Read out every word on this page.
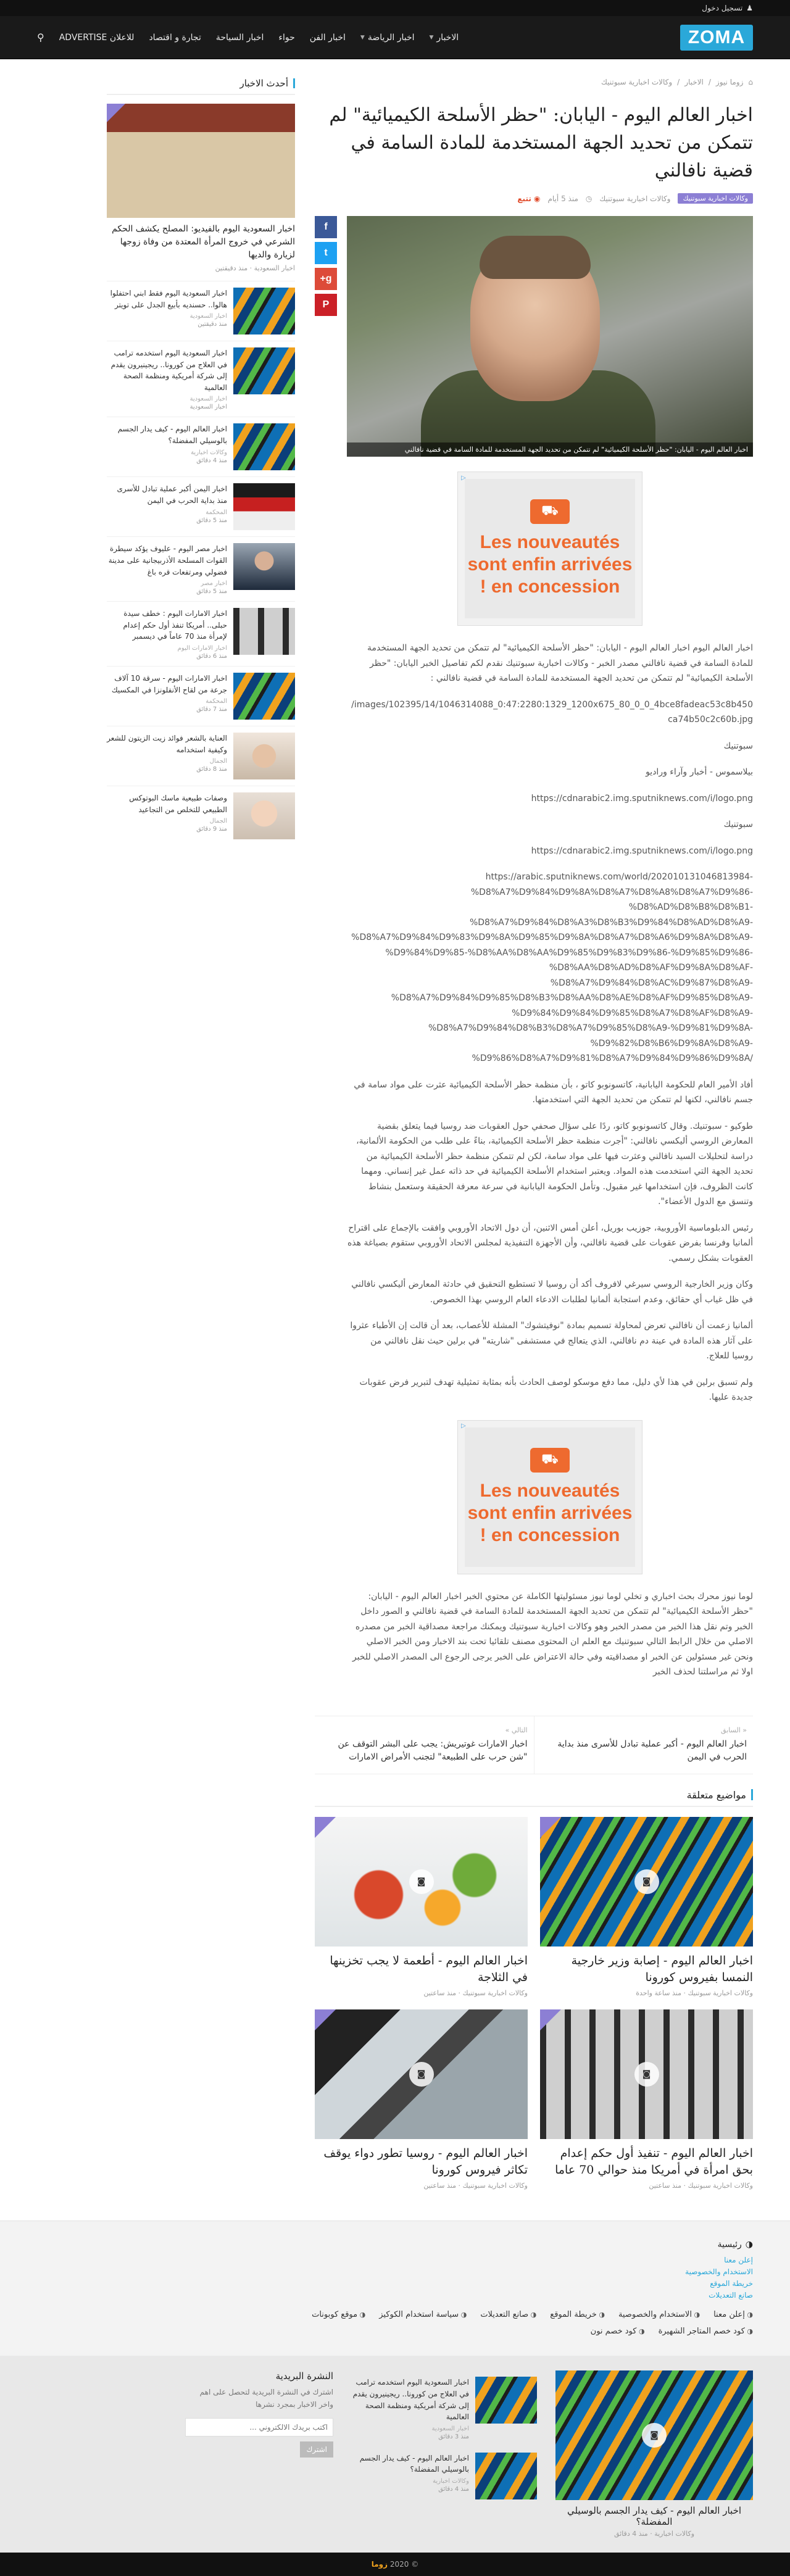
♟
تسجيل دخول
ZOMA
الاخبار
▼
اخبار الرياضة
▼
اخبار الفن
حواء
اخبار السياحة
تجارة و اقتصاد
للاعلان ADVERTISE
⚲
⌂
زوما نيوز
/
الاخبار
/
وكالات اخبارية سبوتنيك
اخبار العالم اليوم - اليابان: "حظر الأسلحة الكيميائية" لم تتمكن من تحديد الجهة المستخدمة للمادة السامة في قضية نافالني
وكالات اخبارية سبوتنيك
وكالات اخبارية سبوتنيك
◷
منذ 5 أيام
◉ تتبع
اخبار العالم اليوم - اليابان: "حظر الأسلحة الكيميائية" لم تتمكن من تحديد الجهة المستخدمة للمادة السامة في قضية نافالني
▷
⛟
Les nouveautés sont enfin arrivées en concession !

اخبار العالم اليوم اخبار العالم اليوم - اليابان: "حظر الأسلحة الكيميائية" لم تتمكن من تحديد الجهة المستخدمة للمادة السامة في قضية نافالني مصدر الخبر - وكالات اخبارية سبوتنيك نقدم لكم تفاصيل الخبر اليابان: "حظر الأسلحة الكيميائية" لم تتمكن من تحديد الجهة المستخدمة للمادة السامة في قضية نافالني :

/images/102395/14/1046314088_0:47:2280:1329_1200x675_80_0_0_4bce8fadeac53c8b450ca74b50c2c60b.jpg

سبوتنيك

بيلاسموس - أخبار وآراء وراديو

https://cdnarabic2.img.sputniknews.com/i/logo.png

سبوتنيك

https://cdnarabic2.img.sputniknews.com/i/logo.png

https://arabic.sputniknews.com/world/202010131046813984-%D8%A7%D9%84%D9%8A%D8%A7%D8%A8%D8%A7%D9%86-%D8%AD%D8%B8%D8%B1-%D8%A7%D9%84%D8%A3%D8%B3%D9%84%D8%AD%D8%A9-%D8%A7%D9%84%D9%83%D9%8A%D9%85%D9%8A%D8%A7%D8%A6%D9%8A%D8%A9-%D9%84%D9%85-%D8%AA%D8%AA%D9%85%D9%83%D9%86-%D9%85%D9%86-%D8%AA%D8%AD%D8%AF%D9%8A%D8%AF-%D8%A7%D9%84%D8%AC%D9%87%D8%A9-%D8%A7%D9%84%D9%85%D8%B3%D8%AA%D8%AE%D8%AF%D9%85%D8%A9-%D9%84%D9%84%D9%85%D8%A7%D8%AF%D8%A9-%D8%A7%D9%84%D8%B3%D8%A7%D9%85%D8%A9-%D9%81%D9%8A-%D9%82%D8%B6%D9%8A%D8%A9-%D9%86%D8%A7%D9%81%D8%A7%D9%84%D9%86%D9%8A/

أفاد الأمير العام للحكومة اليابانية، كاتسونوبو كاتو ، بأن منظمة حظر الأسلحة الكيميائية عثرت على مواد سامة في جسم نافالني، لكنها لم تتمكن من تحديد الجهة التي استخدمتها.

طوكيو - سبوتنيك. وقال كاتسونوبو كاتو، ردًا على سؤال صحفي حول العقوبات ضد روسيا فيما يتعلق بقضية المعارض الروسي أليكسي نافالني: "أجرت منظمة حظر الأسلحة الكيميائية، بناءً على طلب من الحكومة الألمانية، دراسة لتحليلات السيد نافالني وعثرت فيها على مواد سامة، لكن لم تتمكن منظمة حظر الأسلحة الكيميائية من تحديد الجهة التي استخدمت هذه المواد. ويعتبر استخدام الأسلحة الكيميائية في حد ذاته عمل غير إنساني. ومهما كانت الظروف، فإن استخدامها غير مقبول. وتأمل الحكومة اليابانية في سرعة معرفة الحقيقة وستعمل بنشاط وتنسق مع الدول الأعضاء".

رئيس الدبلوماسية الأوروبية، جوزيب بوريل، أعلن أمس الاثنين، أن دول الاتحاد الأوروبي وافقت بالإجماع على اقتراح ألمانيا وفرنسا بفرض عقوبات على قضية نافالني، وأن الأجهزة التنفيذية لمجلس الاتحاد الأوروبي ستقوم بصياغة هذه العقوبات بشكل رسمي.

وكان وزير الخارجية الروسي سيرغي لافروف أكد أن روسيا لا تستطيع التحقيق في حادثة المعارض أليكسي نافالني في ظل غياب أي حقائق، وعدم استجابة ألمانيا لطلبات الادعاء العام الروسي بهذا الخصوص.

ألمانيا زعمت أن نافالني تعرض لمحاولة تسميم بمادة "نوفيتشوك" المشلة للأعصاب، بعد أن قالت إن الأطباء عثروا على آثار هذه المادة في عينة دم نافالني، الذي يتعالج في مستشفى "شاريته" في برلين حيث نقل نافالني من روسيا للعلاج.

ولم تسبق برلين في هذا لأي دليل، مما دفع موسكو لوصف الحادث بأنه بمثابة تمثيلية تهدف لتبرير فرض عقوبات جديدة عليها.

▷
⛟
Les nouveautés sont enfin arrivées en concession !

لوما نيوز محرك بحث اخباري و تخلي لوما نيوز مسئوليتها الكاملة عن محتوي الخبر اخبار العالم اليوم - اليابان: "حظر الأسلحة الكيميائية" لم تتمكن من تحديد الجهة المستخدمة للمادة السامة في قضية نافالني و الصور داخل الخبر وتم نقل هذا الخبر من مصدر الخبر وهو وكالات اخبارية سبوتنيك ويمكنك مراجعة مصداقية الخبر من مصدره الاصلي من خلال الرابط التالي سبوتنيك مع العلم ان المحتوى مصنف تلقائيا تحت بند الاخبار ومن الخبر الاصلي ونحن غير مسئولين عن الخبر او مصداقيته وفي حالة الاعتراض على الخبر يرجى الرجوع الى المصدر الاصلي للخبر اولا ثم مراسلتنا لحذف الخبر

f
t
g+
P
« السابق
اخبار العالم اليوم - أكبر عملية تبادل للأسرى منذ بداية الحرب في اليمن
التالي »
اخبار الامارات غوتيريش: يجب على البشر التوقف عن "شن حرب على الطبيعة" لتجنب الأمراض الامارات
مواضيع متعلقة
◙
اخبار العالم اليوم - إصابة وزير خارجية النمسا بفيروس كورونا
وكالات اخبارية سبوتنيك · منذ ساعة واحدة
◙
اخبار العالم اليوم - أطعمة لا يجب تخزينها في الثلاجة
وكالات اخبارية سبوتنيك · منذ ساعتين
◙
اخبار العالم اليوم - تنفيذ أول حكم إعدام بحق امرأة في أمريكا منذ حوالي 70 عاما
وكالات اخبارية سبوتنيك · منذ ساعتين
◙
اخبار العالم اليوم - روسيا تطور دواء يوقف تكاثر فيروس كورونا
وكالات اخبارية سبوتنيك · منذ ساعتين
أحدث الاخبار
اخبار السعودية اليوم بالفيديو: المصلح يكشف الحكم الشرعي في خروج المرأة المعتدة من وفاة زوجها لزيارة والديها
اخبار السعودية · منذ دقيقتين
اخبار السعودية اليوم فقط ابني احتفلوا هالوا.. حسنديه بأبيع الجدل على تويتر
اخبار السعودية
منذ دقيقتين
اخبار السعودية اليوم استخدمه ترامب في العلاج من كورونا.. ريجينيرون يقدم إلى شركة أمريكية ومنظمة الصحة العالمية
اخبار السعودية
اخبار السعودية
اخبار العالم اليوم - كيف يدار الجسم بالوسيلي المفضلة؟
وكالات اخبارية
منذ 4 دقائق
اخبار اليمن أكبر عملية تبادل للأسرى منذ بداية الحرب في اليمن
المحكمة
منذ 5 دقائق
اخبار مصر اليوم - عليوف يؤكد سيطرة القوات المسلحة الأذربيجانية على مدينة فضولي ومرتفعات قره باغ
اخبار مصر
منذ 5 دقائق
اخبار الامارات اليوم : خطف سيدة حبلى.. أمريكا تنفذ أول حكم إعدام لإمرأة منذ 70 عاماً في ديسمبر
اخبار الامارات اليوم
منذ 6 دقائق
اخبار الامارات اليوم - سرقة 10 آلاف جرعة من لقاح الأنفلونزا في المكسيك
المحكمة
منذ 7 دقائق
العناية بالشعر فوائد زيت الزيتون للشعر وكيفية استخدامه
الجمال
منذ 8 دقائق
وصفات طبيعية ماسك البوتوكس الطبيعي للتخلص من التجاعيد
الجمال
منذ 9 دقائق
◑
رئيسية
إعلن معنا
الاستخدام والخصوصية
خريطة الموقع
صانع التعديلات
◑ إعلن معنا
◑ الاستخدام والخصوصية
◑ خريطة الموقع
◑ صانع التعديلات
◑ سياسة استخدام الكوكيز
◑ موقع كوبونات
◑ كود خصم المتاجر الشهيرة
◑ كود خصم نون
◙
اخبار العالم اليوم - كيف يدار الجسم بالوسيلي المفضلة؟
وكالات اخبارية · منذ 4 دقائق
اخبار السعودية اليوم استخدمه ترامب في العلاج من كورونا.. ريجينيرون يقدم إلى شركة أمريكية ومنظمة الصحة العالمية
اخبار السعودية
منذ 3 دقائق
اخبار العالم اليوم - كيف يدار الجسم بالوسيلي المفضلة؟
وكالات اخبارية
منذ 4 دقائق
النشرة البريدية

اشترك في النشرة البريدية لتحصل على اهم واخر الاخبار بمجرد نشرها

اكتب بريدك الالكتروني ... اشترك
© 2020 زوما
